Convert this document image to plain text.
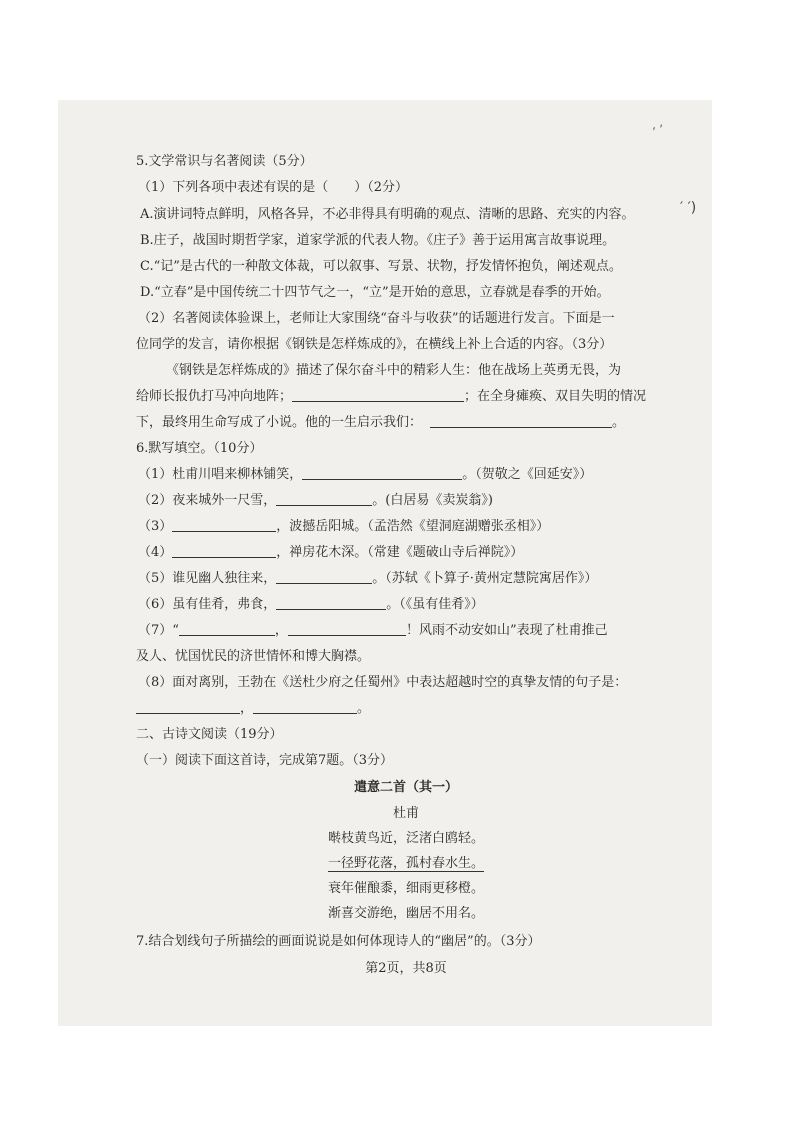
′ ′
′ ′)
5.文学常识与名著阅读（5分）
（1）下列各项中表述有误的是（　　）（2分）
A.演讲词特点鲜明，风格各异，不必非得具有明确的观点、清晰的思路、充实的内容。
B.庄子，战国时期哲学家，道家学派的代表人物。《庄子》善于运用寓言故事说理。
C.“记”是古代的一种散文体裁，可以叙事、写景、状物，抒发情怀抱负，阐述观点。
D.“立春”是中国传统二十四节气之一，“立”是开始的意思，立春就是春季的开始。
（2）名著阅读体验课上，老师让大家围绕“奋斗与收获”的话题进行发言。下面是一
位同学的发言，请你根据《钢铁是怎样炼成的》，在横线上补上合适的内容。（3分）
《钢铁是怎样炼成的》描述了保尔奋斗中的精彩人生：他在战场上英勇无畏，为
给师长报仇打马冲向地阵；	；在全身瘫痪、双目失明的情况
下，最终用生命写成了小说。他的一生启示我们：	。
6.默写填空。（10分）
（1）杜甫川唱来柳林铺笑，	。（贺敬之《回延安》）
（2）夜来城外一尺雪，	。(白居易《卖炭翁》)
（3）	，波撼岳阳城。（孟浩然《望洞庭湖赠张丞相》）
（4）	，禅房花木深。（常建《题破山寺后禅院》）
（5）谁见幽人独往来，	。（苏轼《卜算子·黄州定慧院寓居作》）
（6）虽有佳肴，弗食，	。（《虽有佳肴》）
（7）“	，	！风雨不动安如山”表现了杜甫推己
及人、忧国忧民的济世情怀和博大胸襟。
（8）面对离别，王勃在《送杜少府之任蜀州》中表达超越时空的真挚友情的句子是：
，	。
二、古诗文阅读（19分）
（一）阅读下面这首诗，完成第7题。（3分）
遣意二首（其一）
杜甫
啭枝黄鸟近，泛渚白鸥轻。
一径野花落，孤村春水生。
衰年催酿黍，细雨更移橙。
渐喜交游绝，幽居不用名。
7.结合划线句子所描绘的画面说说是如何体现诗人的“幽居”的。（3分）
第2页，共8页
